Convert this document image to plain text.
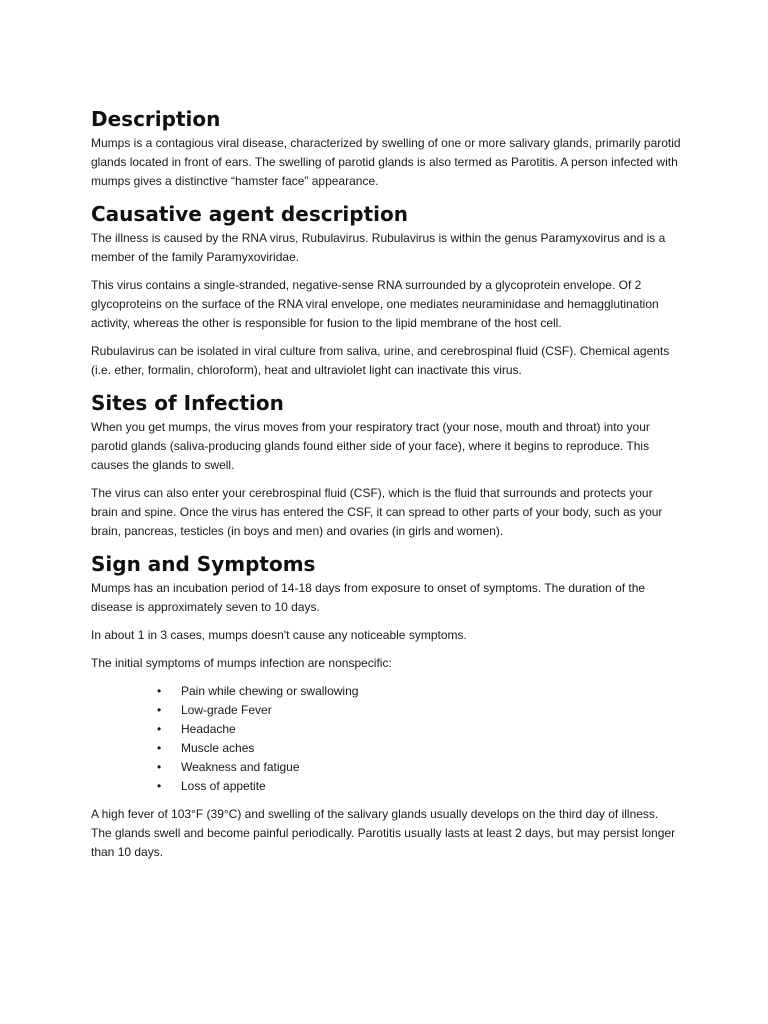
Description

Mumps is a contagious viral disease, characterized by swelling of one or more salivary glands, primarily parotid glands located in front of ears. The swelling of parotid glands is also termed as Parotitis. A person infected with mumps gives a distinctive “hamster face” appearance.

Causative agent description

The illness is caused by the RNA virus, Rubulavirus. Rubulavirus is within the genus Paramyxovirus and is a member of the family Paramyxoviridae.

This virus contains a single-stranded, negative-sense RNA surrounded by a glycoprotein envelope. Of 2 glycoproteins on the surface of the RNA viral envelope, one mediates neuraminidase and hemagglutination activity, whereas the other is responsible for fusion to the lipid membrane of the host cell.

Rubulavirus can be isolated in viral culture from saliva, urine, and cerebrospinal fluid (CSF). Chemical agents (i.e. ether, formalin, chloroform), heat and ultraviolet light can inactivate this virus.

Sites of Infection

When you get mumps, the virus moves from your respiratory tract (your nose, mouth and throat) into your parotid glands (saliva-producing glands found either side of your face), where it begins to reproduce. This causes the glands to swell.

The virus can also enter your cerebrospinal fluid (CSF), which is the fluid that surrounds and protects your brain and spine. Once the virus has entered the CSF, it can spread to other parts of your body, such as your brain, pancreas, testicles (in boys and men) and ovaries (in girls and women).

Sign and Symptoms

Mumps has an incubation period of 14-18 days from exposure to onset of symptoms. The duration of the disease is approximately seven to 10 days.

In about 1 in 3 cases, mumps doesn't cause any noticeable symptoms.

The initial symptoms of mumps infection are nonspecific:

• Pain while chewing or swallowing
• Low-grade Fever
• Headache
• Muscle aches
• Weakness and fatigue
• Loss of appetite

A high fever of 103°F (39°C) and swelling of the salivary glands usually develops on the third day of illness. The glands swell and become painful periodically. Parotitis usually lasts at least 2 days, but may persist longer than 10 days.
